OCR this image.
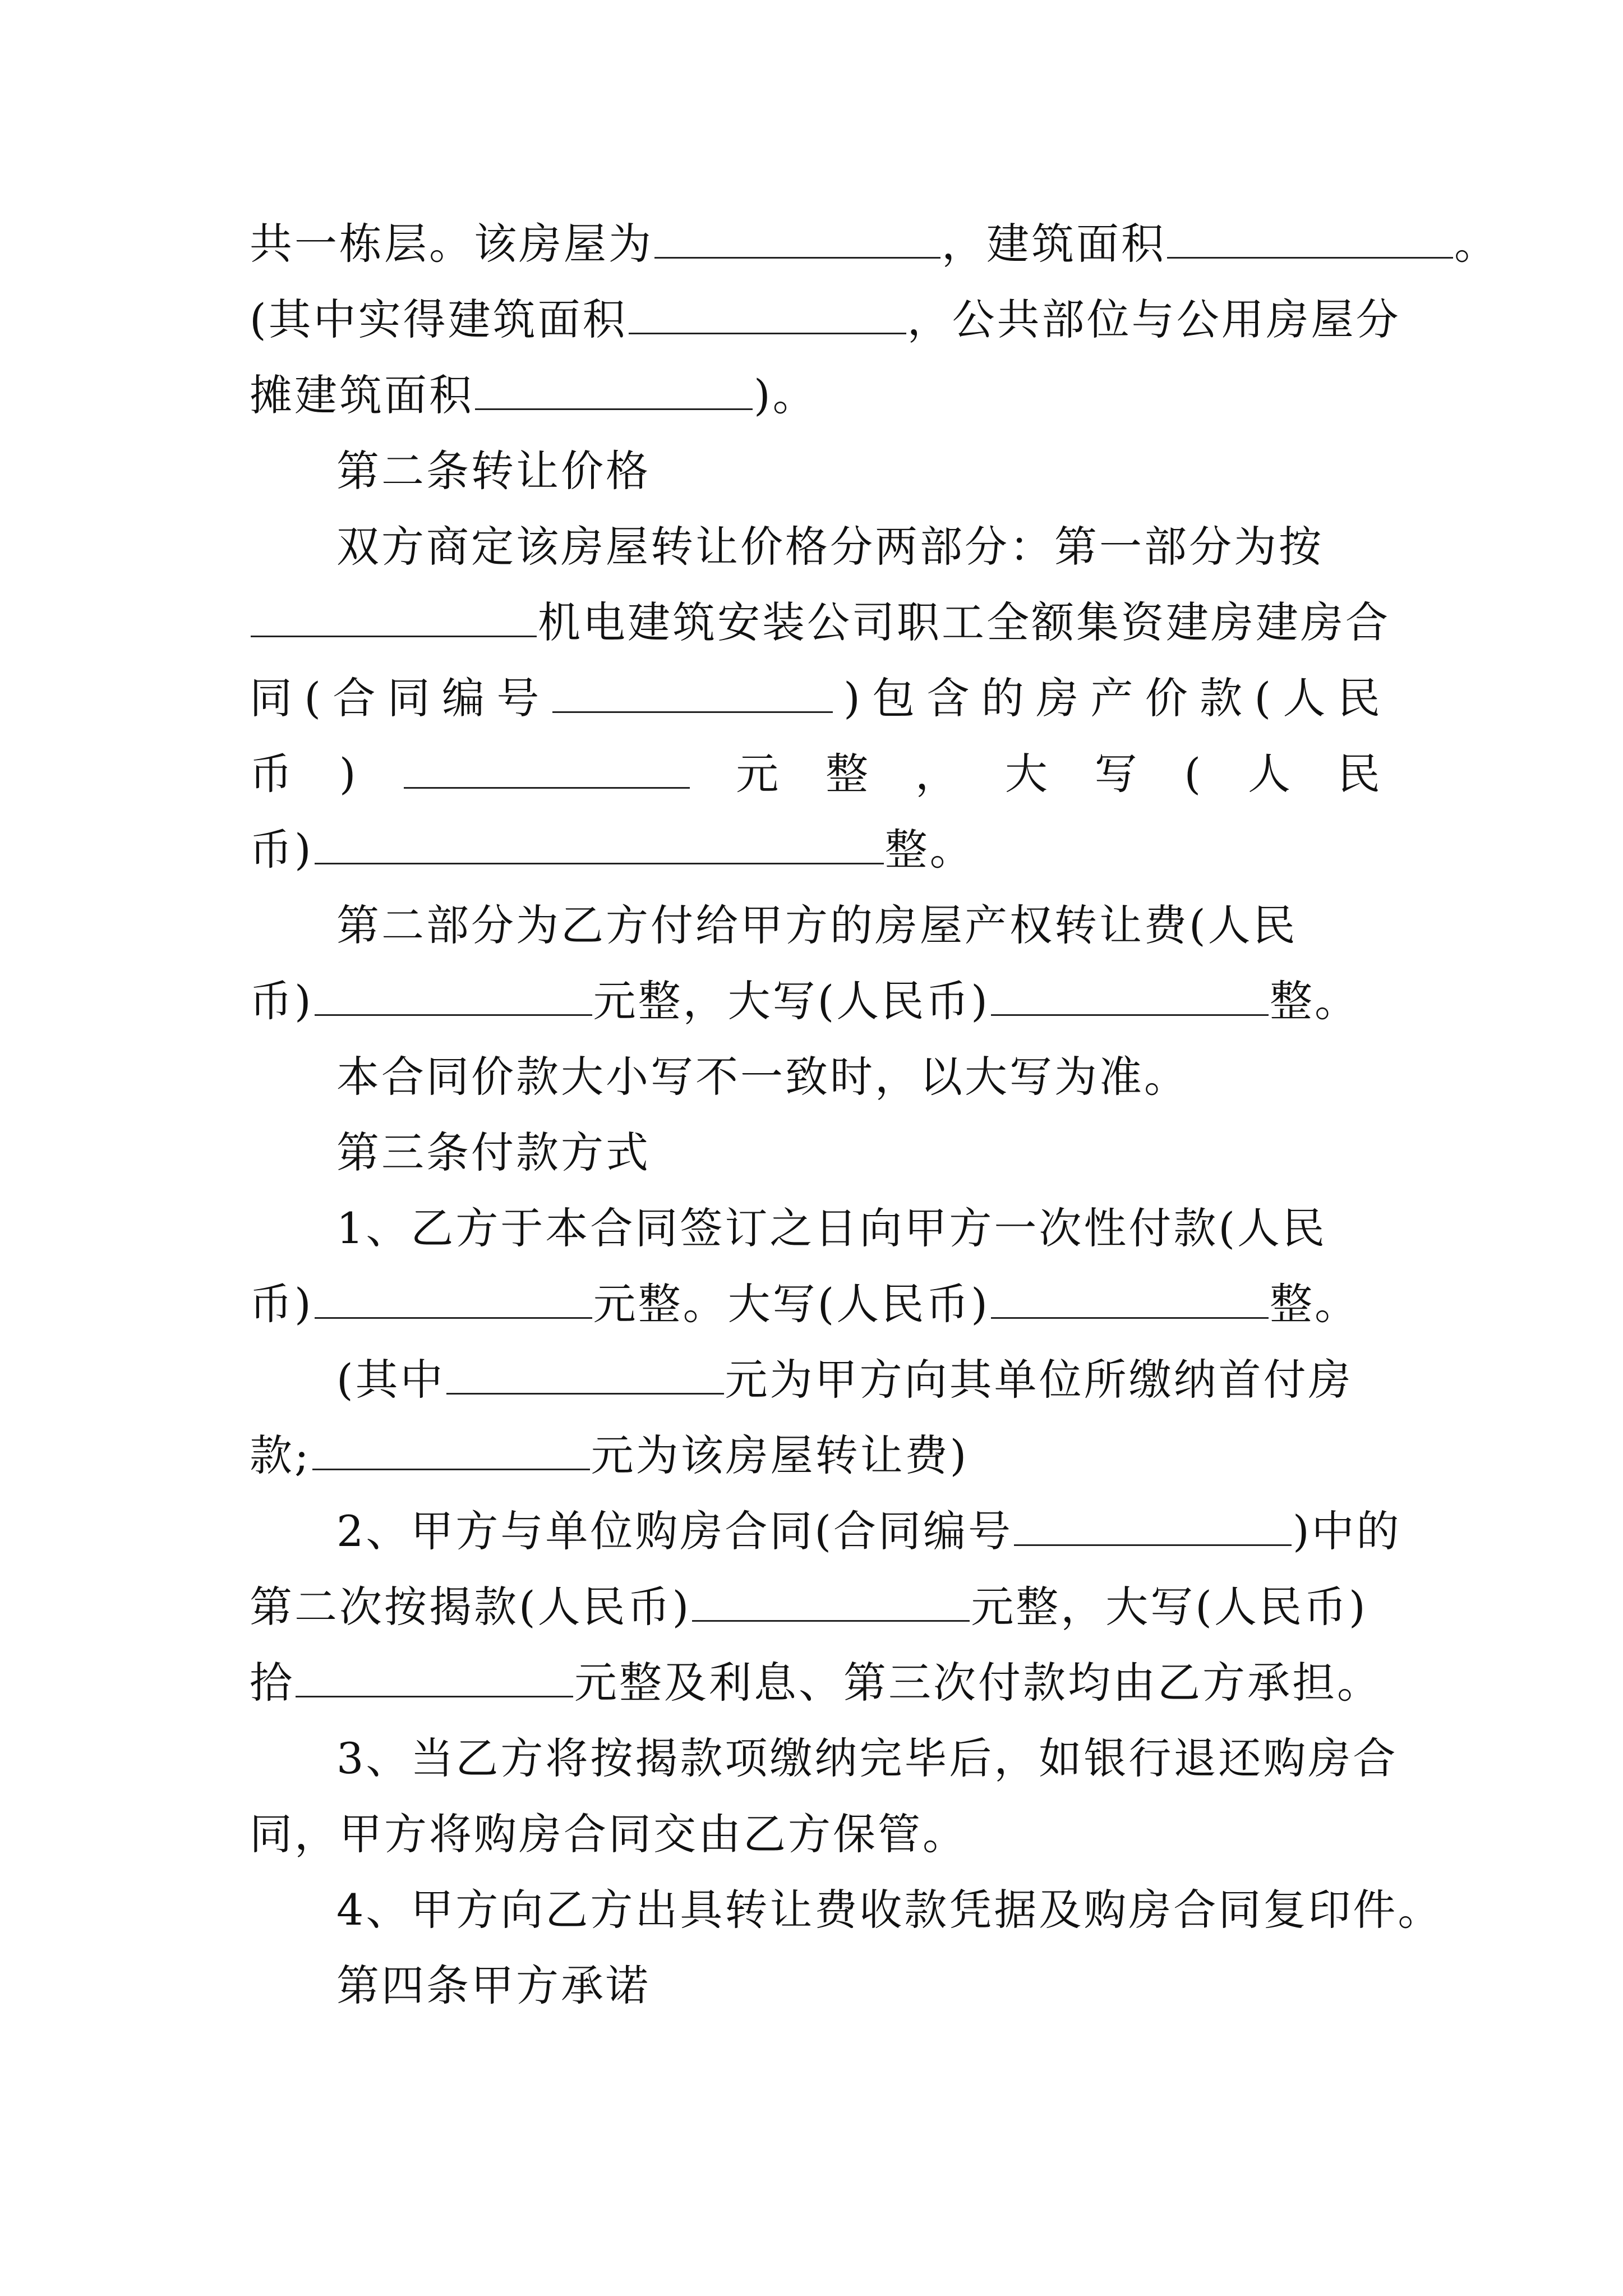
共一栋层。该房屋为	，建筑面积	。
(其中实得建筑面积	，公共部位与公用房屋分
摊建筑面积	)。
第二条转让价格
双方商定该房屋转让价格分两部分：第一部分为按
机电建筑安装公司职工全额集资建房建房合
同 ( 合 同 编 号	) 包 含 的 房 产 价 款 ( 人 民
币 )	元 整 ， 大 写 ( 人 民
币)	整。
第二部分为乙方付给甲方的房屋产权转让费(人民
币)	元整，大写(人民币)	整。
本合同价款大小写不一致时，以大写为准。
第三条付款方式
1、乙方于本合同签订之日向甲方一次性付款(人民
币)	元整。大写(人民币)	整。
(其中	元为甲方向其单位所缴纳首付房
款;	元为该房屋转让费)
2、甲方与单位购房合同(合同编号	)中的
第二次按揭款(人民币)	元整，大写(人民币)
拾	元整及利息、第三次付款均由乙方承担。
3、当乙方将按揭款项缴纳完毕后，如银行退还购房合
同，甲方将购房合同交由乙方保管。
4、甲方向乙方出具转让费收款凭据及购房合同复印件。
第四条甲方承诺
